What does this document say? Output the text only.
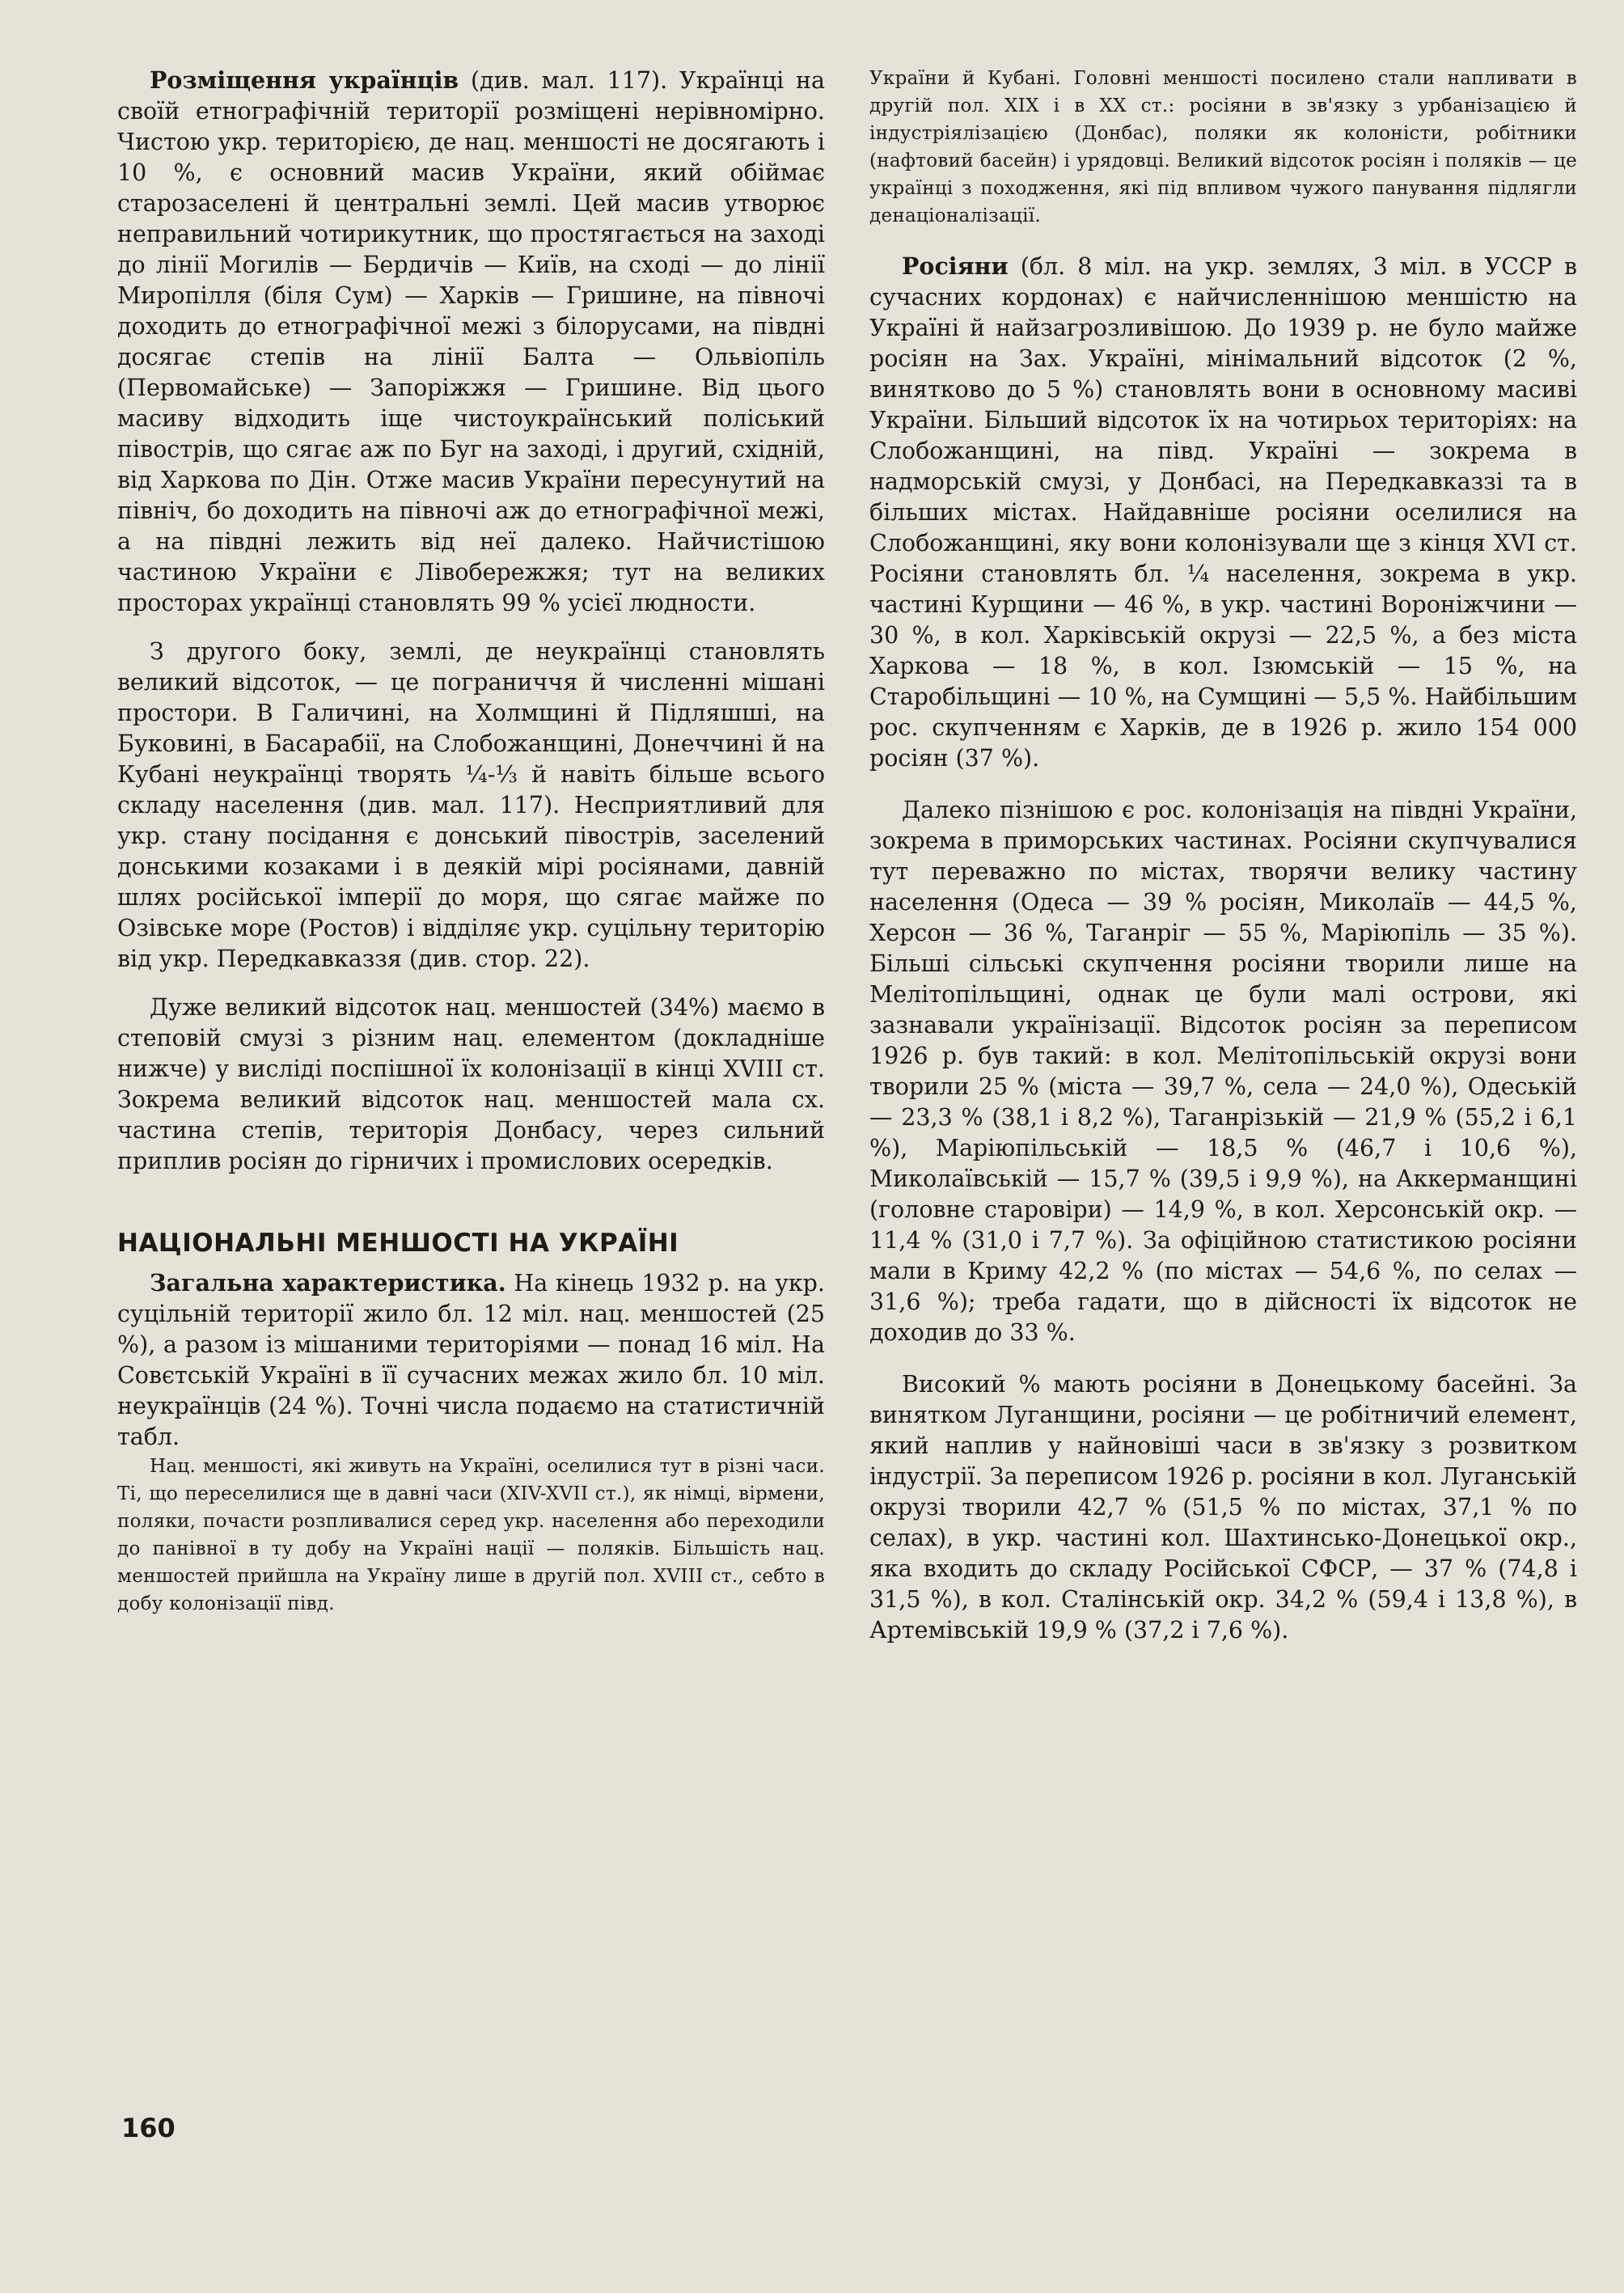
Розміщення українців (див. мал. 117). Українці на своїй етнографічній території розміщені нерівномірно. Чистою укр. територією, де нац. меншості не досягають і 10 %, є основний масив України, який обіймає старозаселені й центральні землі. Цей масив утворює неправильний чотирикутник, що простягається на заході до лінії Могилів — Бердичів — Київ, на сході — до лінії Миропілля (біля Сум) — Харків — Гришине, на півночі доходить до етнографічної межі з білорусами, на півдні досягає степів на лінії Балта — Ольвіопіль (Первомайське) — Запоріжжя — Гришине. Від цього масиву відходить іще чистоукраїнський поліський півострів, що сягає аж по Буг на заході, і другий, східній, від Харкова по Дін. Отже масив України пересунутий на північ, бо доходить на півночі аж до етнографічної межі, а на півдні лежить від неї далеко. Найчистішою частиною України є Лівобережжя; тут на великих просторах українці становлять 99 % усієї людности.

З другого боку, землі, де неукраїнці становлять великий відсоток, — це пограниччя й численні мішані простори. В Галичині, на Холмщині й Підляшші, на Буковині, в Басарабії, на Слобожанщині, Донеччині й на Кубані неукраїнці творять ¼-⅓ й навіть більше всього складу населення (див. мал. 117). Несприятливий для укр. стану посідання є донський півострів, заселений донськими козаками і в деякій мірі росіянами, давній шлях російської імперії до моря, що сягає майже по Озівське море (Ростов) і відділяє укр. суцільну територію від укр. Передкавказзя (див. стор. 22).

Дуже великий відсоток нац. меншостей (34%) маємо в степовій смузі з різним нац. елементом (докладніше нижче) у висліді поспішної їх колонізації в кінці XVIII ст. Зокрема великий відсоток нац. меншостей мала сх. частина степів, територія Донбасу, через сильний приплив росіян до гірничих і промислових осередків.

НАЦІОНАЛЬНІ МЕНШОСТІ НА УКРАЇНІ

Загальна характеристика. На кінець 1932 р. на укр. суцільній території жило бл. 12 міл. нац. меншостей (25 %), а разом із мішаними територіями — понад 16 міл. На Совєтській Україні в її сучасних межах жило бл. 10 міл. неукраїнців (24 %). Точні числа подаємо на статистичній табл.

Нац. меншості, які живуть на Україні, оселилися тут в різні часи. Ті, що переселилися ще в давні часи (XIV-XVII ст.), як німці, вірмени, поляки, почасти розпливалися серед укр. населення або переходили до панівної в ту добу на Україні нації — поляків. Більшість нац. меншостей прийшла на Україну лише в другій пол. XVIII ст., себто в добу колонізації півд.

України й Кубані. Головні меншості посилено стали напливати в другій пол. XIX і в XX ст.: росіяни в зв'язку з урбанізацією й індустріялізацією (Донбас), поляки як колоністи, робітники (нафтовий басейн) і урядовці. Великий відсоток росіян і поляків — це українці з походження, які під впливом чужого панування підлягли денаціоналізації.

Росіяни (бл. 8 міл. на укр. землях, 3 міл. в УССР в сучасних кордонах) є найчисленнішою меншістю на Україні й найзагрозливішою. До 1939 р. не було майже росіян на Зах. Україні, мінімальний відсоток (2 %, винятково до 5 %) становлять вони в основному масиві України. Більший відсоток їх на чотирьох територіях: на Слобожанщині, на півд. Україні — зокрема в надморській смузі, у Донбасі, на Передкавказзі та в більших містах. Найдавніше росіяни оселилися на Слобожанщині, яку вони колонізували ще з кінця XVI ст. Росіяни становлять бл. ¼ населення, зокрема в укр. частині Курщини — 46 %, в укр. частині Вороніжчини — 30 %, в кол. Харківській окрузі — 22,5 %, а без міста Харкова — 18 %, в кол. Ізюмській — 15 %, на Старобільщині — 10 %, на Сумщині — 5,5 %. Найбільшим рос. скупченням є Харків, де в 1926 р. жило 154 000 росіян (37 %).

Далеко пізнішою є рос. колонізація на півдні України, зокрема в приморських частинах. Росіяни скупчувалися тут переважно по містах, творячи велику частину населення (Одеса — 39 % росіян, Миколаїв — 44,5 %, Херсон — 36 %, Таганріг — 55 %, Маріюпіль — 35 %). Більші сільські скупчення росіяни творили лише на Мелітопільщині, однак це були малі острови, які зазнавали українізації. Відсоток росіян за переписом 1926 р. був такий: в кол. Мелітопільській окрузі вони творили 25 % (міста — 39,7 %, села — 24,0 %), Одеській — 23,3 % (38,1 і 8,2 %), Таганрізькій — 21,9 % (55,2 і 6,1 %), Маріюпільській — 18,5 % (46,7 і 10,6 %), Миколаївській — 15,7 % (39,5 і 9,9 %), на Аккерманщині (головне старовіри) — 14,9 %, в кол. Херсонській окр. — 11,4 % (31,0 і 7,7 %). За офіційною статистикою росіяни мали в Криму 42,2 % (по містах — 54,6 %, по селах — 31,6 %); треба гадати, що в дійсності їх відсоток не доходив до 33 %.

Високий % мають росіяни в Донецькому басейні. За винятком Луганщини, росіяни — це робітничий елемент, який наплив у найновіші часи в зв'язку з розвитком індустрії. За переписом 1926 р. росіяни в кол. Луганській окрузі творили 42,7 % (51,5 % по містах, 37,1 % по селах), в укр. частині кол. Шахтинсько-Донецької окр., яка входить до складу Російської СФСР, — 37 % (74,8 і 31,5 %), в кол. Сталінській окр. 34,2 % (59,4 і 13,8 %), в Артемівській 19,9 % (37,2 і 7,6 %).

160
